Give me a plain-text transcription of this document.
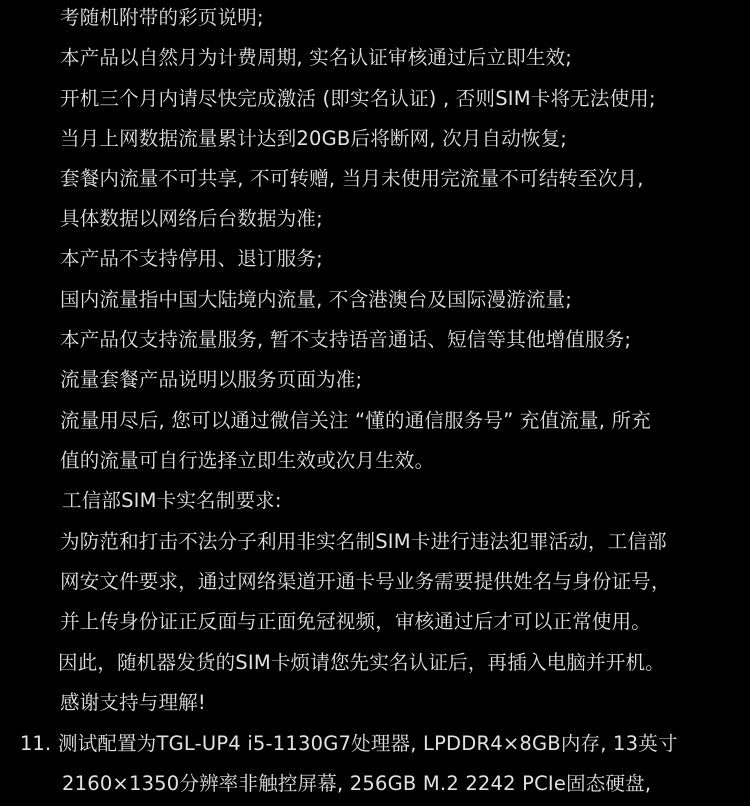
考随机附带的彩页说明;
本产品以自然月为计费周期, 实名认证审核通过后立即生效;
开机三个月内请尽快完成激活 (即实名认证) , 否则SIM卡将无法使用;
当月上网数据流量累计达到20GB后将断网, 次月自动恢复;
套餐内流量不可共享, 不可转赠, 当月未使用完流量不可结转至次月,
具体数据以网络后台数据为准;
本产品不支持停用、退订服务;
国内流量指中国大陆境内流量, 不含港澳台及国际漫游流量;
本产品仅支持流量服务, 暂不支持语音通话、短信等其他增值服务;
流量套餐产品说明以服务页面为准;
流量用尽后, 您可以通过微信关注 “懂的通信服务号” 充值流量, 所充
值的流量可自行选择立即生效或次月生效。
工信部SIM卡实名制要求:
为防范和打击不法分子利用非实名制SIM卡进行违法犯罪活动，工信部
网安文件要求，通过网络渠道开通卡号业务需要提供姓名与身份证号，
并上传身份证正反面与正面免冠视频，审核通过后才可以正常使用。
因此，随机器发货的SIM卡烦请您先实名认证后，再插入电脑并开机。
感谢支持与理解!
11. 测试配置为TGL-UP4 i5-1130G7处理器, LPDDR4×8GB内存, 13英寸
2160×1350分辨率非触控屏幕, 256GB M.2 2242 PCIe固态硬盘,
